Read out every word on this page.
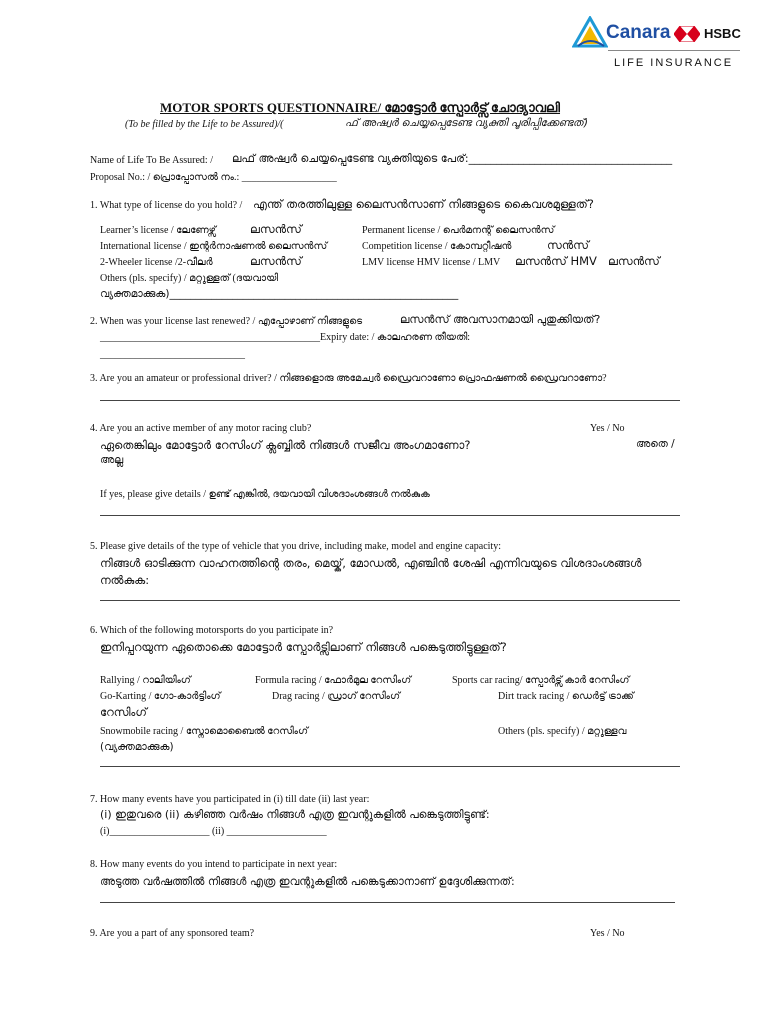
Canara	HSBC
LIFE INSURANCE
MOTOR SPORTS QUESTIONNAIRE/ മോട്ടോർ സ്പോർട്സ് ചോദ്യാവലി
(To be filled by the Life to be Assured)/(	ഫ് അഷ്വർ ചെയ്യപ്പെടേണ്ട വ്യക്തി പൂരിപ്പിക്കേണ്ടത്)
Name of Life To Be Assured: / ലഫ് അഷ്വർ ചെയ്യപ്പെടേണ്ട വ്യക്തിയുടെ പേര്:_____________________________________
Proposal No.: / പ്രൊപ്പോസൽ നം.: ___________________
1. What type of license do you hold? / എന്ത് തരത്തിലുള്ള ലൈസൻസാണ് നിങ്ങളുടെ കൈവശമുള്ളത്?
Learner’s license / ലേണേഴ്സ്	ലസൻസ്	Permanent license / പെർമനന്റ് ലൈസൻസ്
International license / ഇന്റർനാഷണൽ ലൈസൻസ്	Competition license / കോമ്പറ്റീഷൻ	സൻസ്
2-Wheeler license /2-വീലർ	ലസൻസ്	LMV license HMV license / LMV ലസൻസ് HMV ലസൻസ്
Others (pls. specify) / മറ്റുള്ളത് (ദയവായി
വ്യക്തമാക്കുക)_______________________________________________________
2. When was your license last renewed? / എപ്പോഴാണ് നിങ്ങളുടെ	ലസൻസ് അവസാനമായി പുതുക്കിയത്?
____________________________________________Expiry date: / കാലഹരണ തീയതി:
_____________________________
3. Are you an amateur or professional driver? / നിങ്ങളൊരു അമേച്വർ ഡ്രൈവറാണോ പ്രൊഫഷണൽ ഡ്രൈവറാണോ?
4. Are you an active member of any motor racing club?	Yes / No
ഏതെങ്കിലും മോട്ടോർ റേസിംഗ് ക്ലബ്ബിൽ നിങ്ങൾ സജീവ അംഗമാണോ?	അതെ /
അല്ല
If yes, please give details / ഉണ്ട് എങ്കിൽ, ദയവായി വിശദാംശങ്ങൾ നൽകുക
5. Please give details of the type of vehicle that you drive, including make, model and engine capacity:
നിങ്ങൾ ഓടിക്കുന്ന വാഹനത്തിന്റെ തരം, മെയ്ക്, മോഡൽ, എഞ്ചിൻ ശേഷി എന്നിവയുടെ വിശദാംശങ്ങൾ
നൽകുക:
6. Which of the following motorsports do you participate in?
ഇനിപ്പറയുന്ന ഏതൊക്കെ മോട്ടോർ സ്പോർട്സിലാണ് നിങ്ങൾ പങ്കെടുത്തിട്ടുള്ളത്?
Rallying / റാലിയിംഗ്	Formula racing / ഫോർമുല റേസിംഗ്	Sports car racing/ സ്പോർട്സ് കാർ റേസിംഗ്
Go-Karting / ഗോ-കാർട്ടിംഗ്	Drag racing / ഡ്രാഗ് റേസിംഗ്	Dirt track racing / ഡെർട്ട് ട്രാക്ക്
റേസിംഗ്
Snowmobile racing / സ്നോമൊബൈൽ റേസിംഗ്	Others (pls. specify) / മറ്റുള്ളവ
(വ്യക്തമാക്കുക)
7. How many events have you participated in (i) till date (ii) last year:
(i) ഇതുവരെ (ii) കഴിഞ്ഞ വർഷം നിങ്ങൾ എത്ര ഇവന്റുകളിൽ പങ്കെടുത്തിട്ടുണ്ട്:
(i)____________________ (ii) ____________________
8. How many events do you intend to participate in next year:
അടുത്ത വർഷത്തിൽ നിങ്ങൾ എത്ര ഇവന്റുകളിൽ പങ്കെടുക്കാനാണ് ഉദ്ദേശിക്കുന്നത്:
9. Are you a part of any sponsored team?	Yes / No
